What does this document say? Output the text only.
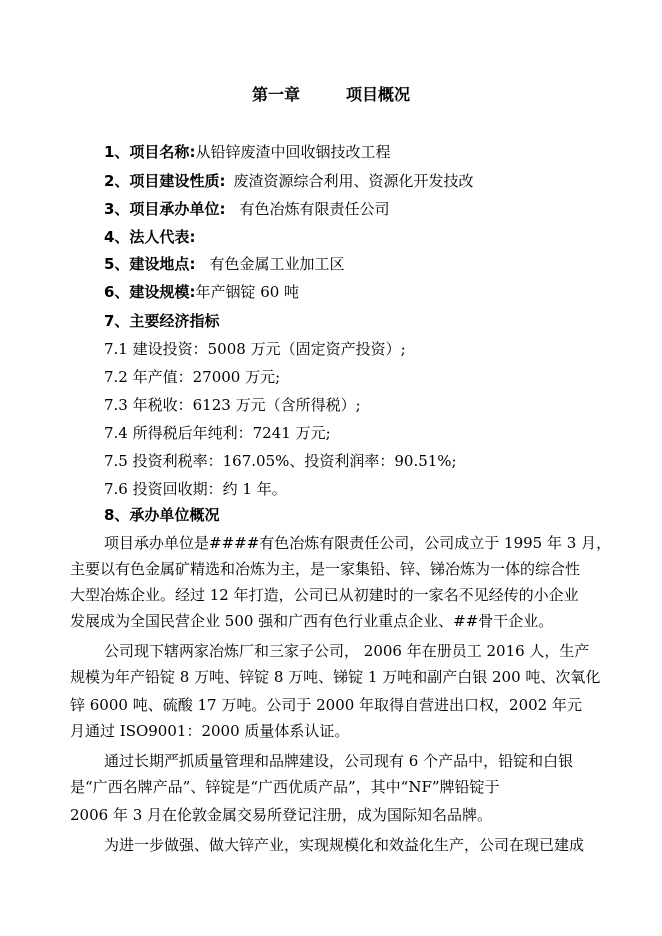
第一章	项目概况
1、项目名称:从铅锌废渣中回收铟技改工程
2、项目建设性质: 废渣资源综合利用、资源化开发技改
3、项目承办单位: 有色冶炼有限责任公司
4、法人代表:
5、建设地点: 有色金属工业加工区
6、建设规模:年产铟锭 60 吨
7、主要经济指标
7.1 建设投资：5008 万元（固定资产投资）;
7.2 年产值：27000 万元;
7.3 年税收：6123 万元（含所得税）;
7.4 所得税后年纯利：7241 万元;
7.5 投资利税率：167.05%、投资利润率：90.51%;
7.6 投资回收期：约 1 年。
8、承办单位概况
项目承办单位是####有色冶炼有限责任公司，公司成立于 1995 年 3 月，
主要以有色金属矿精选和冶炼为主，是一家集铅、锌、锑冶炼为一体的综合性
大型冶炼企业。经过 12 年打造，公司已从初建时的一家名不见经传的小企业
发展成为全国民营企业 500 强和广西有色行业重点企业、##骨干企业。
公司现下辖两家冶炼厂和三家子公司， 2006 年在册员工 2016 人，生产
规模为年产铅锭 8 万吨、锌锭 8 万吨、锑锭 1 万吨和副产白银 200 吨、次氧化
锌 6000 吨、硫酸 17 万吨。公司于 2000 年取得自营进出口权，2002 年元
月通过 ISO9001：2000 质量体系认证。
通过长期严抓质量管理和品牌建设，公司现有 6 个产品中，铅锭和白银
是“广西名牌产品”、锌锭是“广西优质产品”，其中“NF”牌铅锭于
2006 年 3 月在伦敦金属交易所登记注册，成为国际知名品牌。
为进一步做强、做大锌产业，实现规模化和效益化生产，公司在现已建成
